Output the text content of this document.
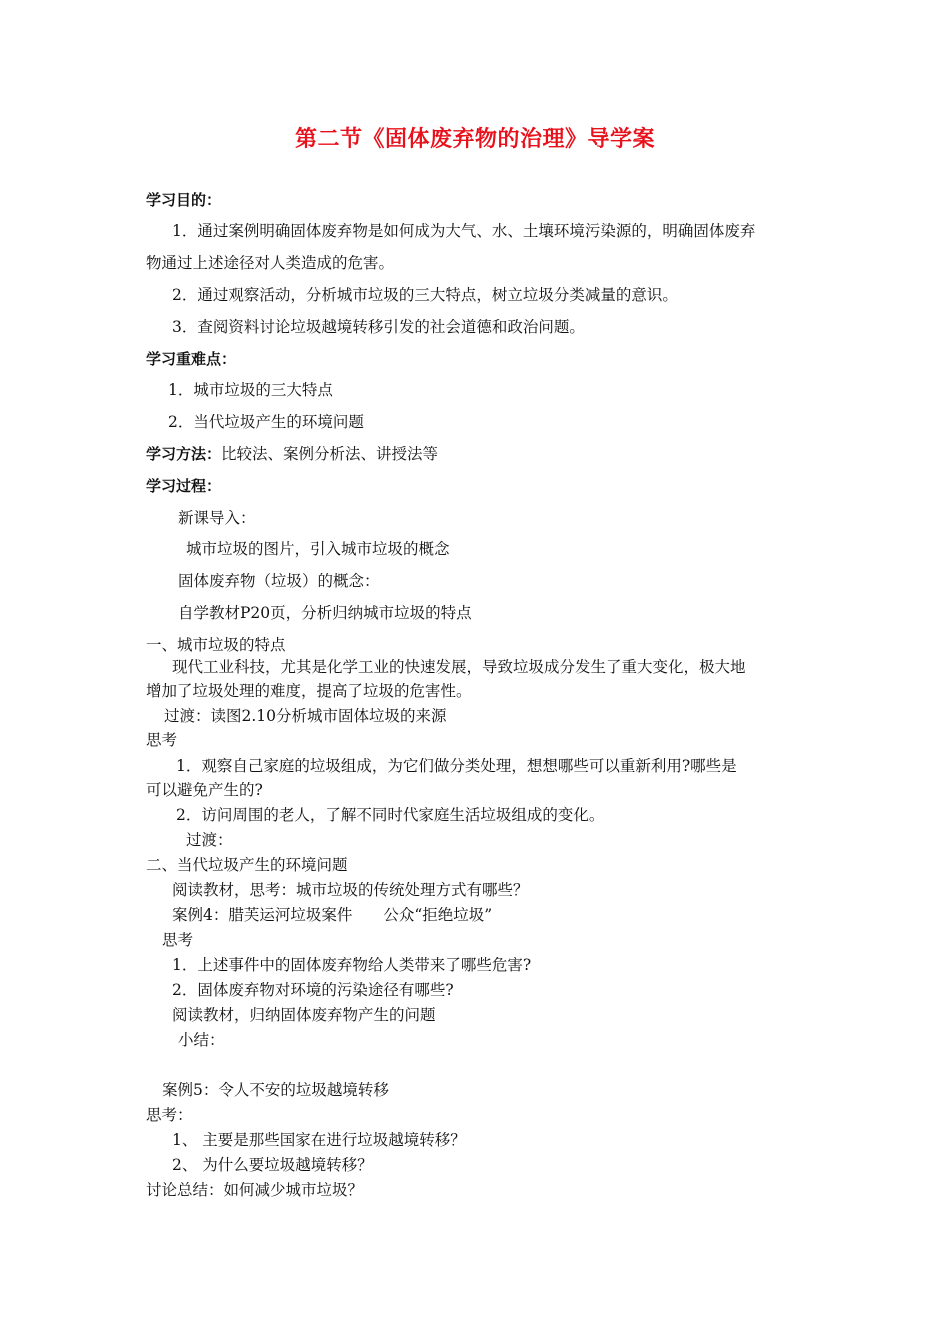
第二节《固体废弃物的治理》导学案
学习目的：
1．通过案例明确固体废弃物是如何成为大气、水、土壤环境污染源的，明确固体废弃
物通过上述途径对人类造成的危害。
2．通过观察活动，分析城市垃圾的三大特点，树立垃圾分类减量的意识。
3．查阅资料讨论垃圾越境转移引发的社会道德和政治问题。
学习重难点：
1．城市垃圾的三大特点
2．当代垃圾产生的环境问题
学习方法：比较法、案例分析法、讲授法等
学习过程：
新课导入：
城市垃圾的图片，引入城市垃圾的概念
固体废弃物（垃圾）的概念：
自学教材P20页，分析归纳城市垃圾的特点
一、城市垃圾的特点
现代工业科技，尤其是化学工业的快速发展，导致垃圾成分发生了重大变化，极大地
增加了垃圾处理的难度，提高了垃圾的危害性。
过渡：读图2.10分析城市固体垃圾的来源
思考
1．观察自己家庭的垃圾组成，为它们做分类处理，想想哪些可以重新利用?哪些是
可以避免产生的?
2．访问周围的老人，了解不同时代家庭生活垃圾组成的变化。
过渡：
二、当代垃圾产生的环境问题
阅读教材，思考：城市垃圾的传统处理方式有哪些？
案例4：腊芙运河垃圾案件　　公众“拒绝垃圾”
思考
1．上述事件中的固体废弃物给人类带来了哪些危害?
2．固体废弃物对环境的污染途径有哪些?
阅读教材，归纳固体废弃物产生的问题
小结：
案例5：令人不安的垃圾越境转移
思考：
1、 主要是那些国家在进行垃圾越境转移？
2、 为什么要垃圾越境转移？
讨论总结：如何减少城市垃圾？
